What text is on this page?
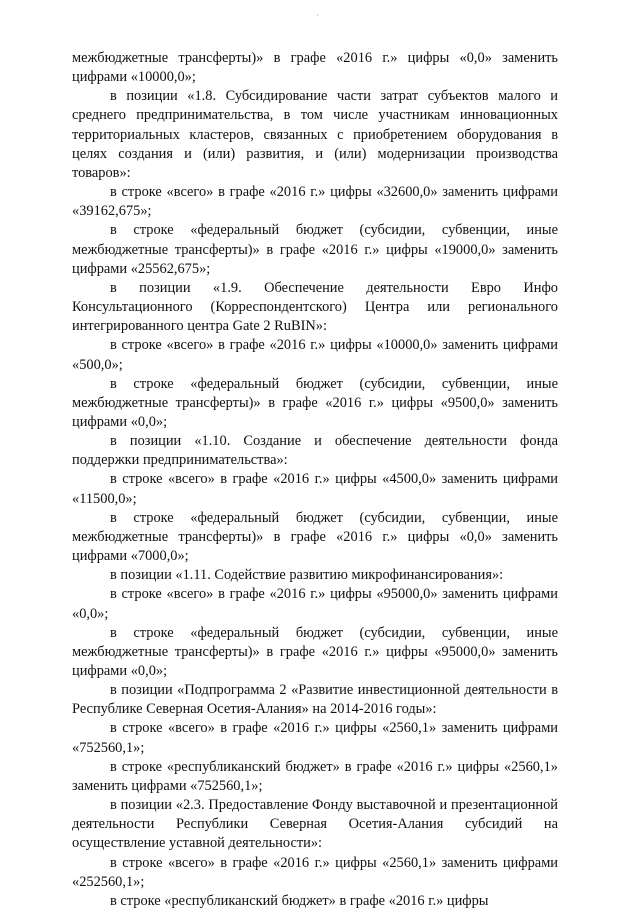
'

межбюджетные трансферты)» в графе «2016 г.» цифры «0,0» заменить цифрами «10000,0»;

в позиции «1.8. Субсидирование части затрат субъектов малого и среднего предпринимательства, в том числе участникам инновационных территориальных кластеров, связанных с приобретением оборудования в целях создания и (или) развития, и (или) модернизации производства товаров»:

в строке «всего» в графе «2016 г.» цифры «32600,0» заменить цифрами «39162,675»;

в строке «федеральный бюджет (субсидии, субвенции, иные межбюджетные трансферты)» в графе «2016 г.» цифры «19000,0» заменить цифрами «25562,675»;

в позиции «1.9. Обеспечение деятельности Евро Инфо Консультационного (Корреспондентского) Центра или регионального интегрированного центра Gate 2 RuBIN»:

в строке «всего» в графе «2016 г.» цифры «10000,0» заменить цифрами «500,0»;

в строке «федеральный бюджет (субсидии, субвенции, иные межбюджетные трансферты)» в графе «2016 г.» цифры «9500,0» заменить цифрами «0,0»;

в позиции «1.10. Создание и обеспечение деятельности фонда поддержки предпринимательства»:

в строке «всего» в графе «2016 г.» цифры «4500,0» заменить цифрами «11500,0»;

в строке «федеральный бюджет (субсидии, субвенции, иные межбюджетные трансферты)» в графе «2016 г.» цифры «0,0» заменить цифрами «7000,0»;

в позиции «1.11. Содействие развитию микрофинансирования»:

в строке «всего» в графе «2016 г.» цифры «95000,0» заменить цифрами «0,0»;

в строке «федеральный бюджет (субсидии, субвенции, иные межбюджетные трансферты)» в графе «2016 г.» цифры «95000,0» заменить цифрами «0,0»;

в позиции «Подпрограмма 2 «Развитие инвестиционной деятельности в Республике Северная Осетия-Алания» на 2014-2016 годы»:

в строке «всего» в графе «2016 г.» цифры «2560,1» заменить цифрами «752560,1»;

в строке «республиканский бюджет» в графе «2016 г.» цифры «2560,1» заменить цифрами «752560,1»;

в позиции «2.3. Предоставление Фонду выставочной и презентационной деятельности Республики Северная Осетия-Алания субсидий на осуществление уставной деятельности»:

в строке «всего» в графе «2016 г.» цифры «2560,1» заменить цифрами «252560,1»;

в строке «республиканский бюджет» в графе «2016 г.» цифры
